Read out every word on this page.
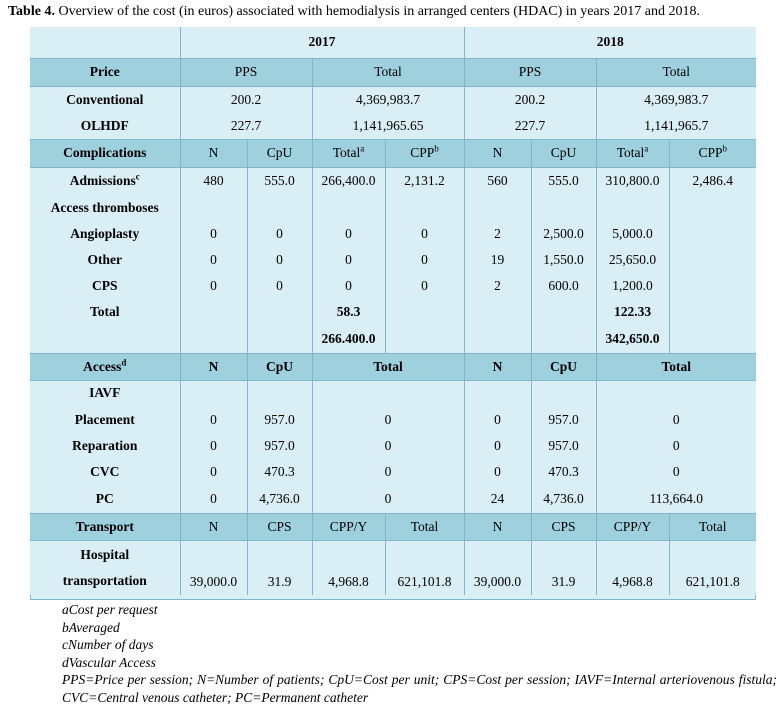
Table 4. Overview of the cost (in euros) associated with hemodialysis in arranged centers (HDAC) in years 2017 and 2018.
	2017				2018			
Price	PPS		Total		PPS		Total	
Conventional	200.2		4,369,983.7		200.2		4,369,983.7	
OLHDF	227.7		1,141,965.65		227.7		1,141,965.7	
Complications	N	CpU	Total$^a$	CPP$^b$	N	CpU	Total$^a$	CPP$^b$
Admissions$^c$	480	555.0	266,400.0	2,131.2	560	555.0	310,800.0	2,486.4
Access thromboses								
Angioplasty	0	0	0	0	2	2,500.0	5,000.0	
Other	0	0	0	0	19	1,550.0	25,650.0	
CPS	0	0	0	0	2	600.0	1,200.0	
Total			58.3				122.33	
			266.400.0				342,650.0	
Access$^d$	N	CpU	Total		N	CpU	Total	
IAVF								
Placement	0	957.0	0		0	957.0	0	
Reparation	0	957.0	0		0	957.0	0	
CVC	0	470.3	0		0	470.3	0	
PC	0	4,736.0	0		24	4,736.0	113,664.0	
Transport	N	CPS	CPP/Y	Total	N	CPS	CPP/Y	Total
Hospital
transportation	39,000.0	31.9	4,968.8	621,101.8	39,000.0	31.9	4,968.8	621,101.8
aCost per request
bAveraged
cNumber of days
dVascular Access
PPS=Price per session; N=Number of patients; CpU=Cost per unit; CPS=Cost per session; IAVF=Internal arteriovenous fistula; CVC=Central venous catheter; PC=Permanent catheter
